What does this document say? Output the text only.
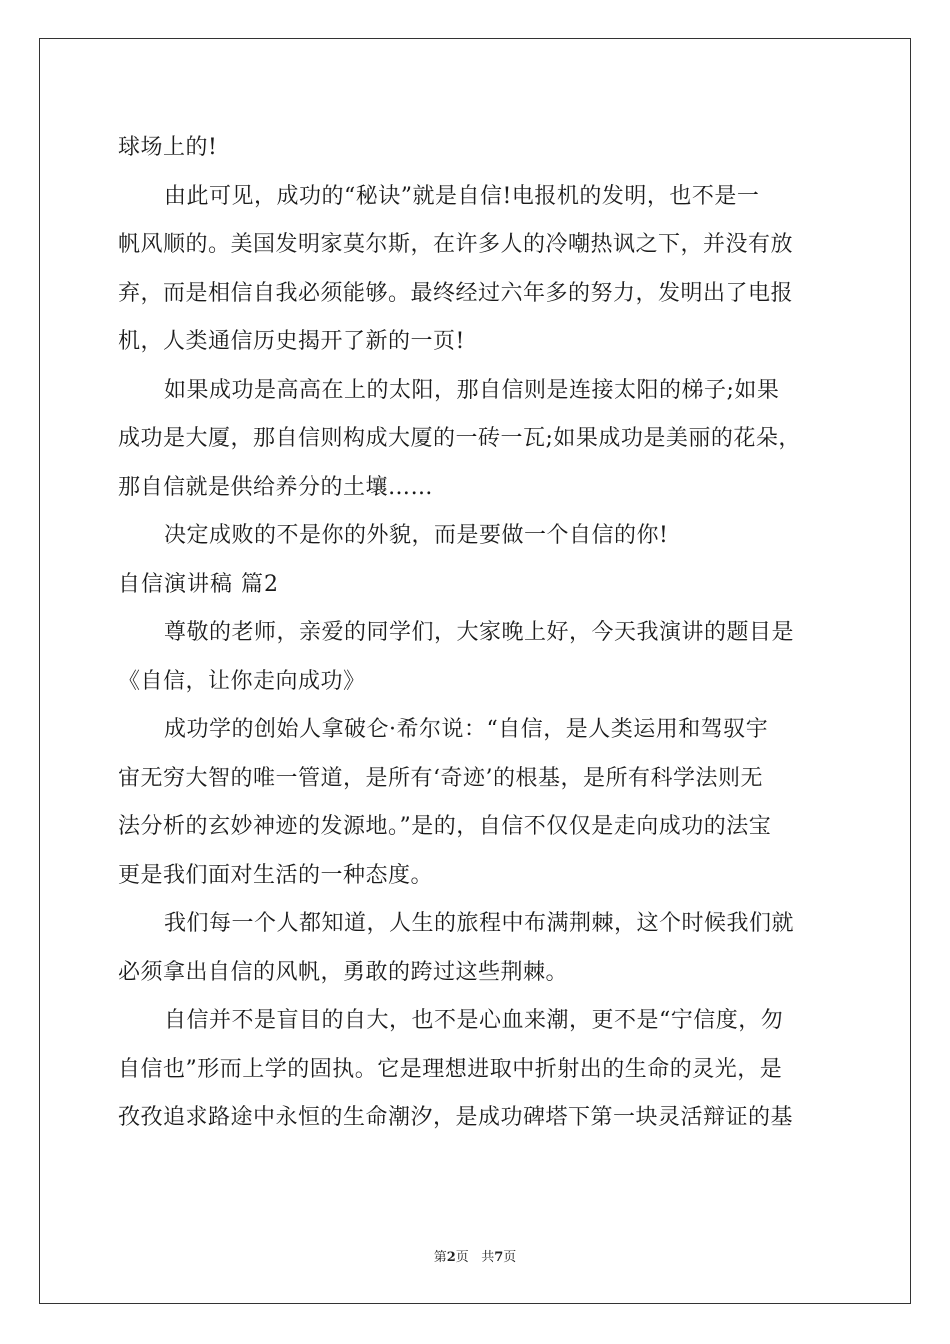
球场上的!
由此可见，成功的“秘诀”就是自信!电报机的发明，也不是一
帆风顺的。美国发明家莫尔斯，在许多人的冷嘲热讽之下，并没有放
弃，而是相信自我必须能够。最终经过六年多的努力，发明出了电报
机，人类通信历史揭开了新的一页!
如果成功是高高在上的太阳，那自信则是连接太阳的梯子;如果
成功是大厦，那自信则构成大厦的一砖一瓦;如果成功是美丽的花朵，
那自信就是供给养分的土壤……
决定成败的不是你的外貌，而是要做一个自信的你!
自信演讲稿 篇2
尊敬的老师，亲爱的同学们，大家晚上好，今天我演讲的题目是
《自信，让你走向成功》
成功学的创始人拿破仑·希尔说：“自信，是人类运用和驾驭宇
宙无穷大智的唯一管道，是所有‘奇迹’的根基，是所有科学法则无
法分析的玄妙神迹的发源地。”是的，自信不仅仅是走向成功的法宝
更是我们面对生活的一种态度。
我们每一个人都知道，人生的旅程中布满荆棘，这个时候我们就
必须拿出自信的风帆，勇敢的跨过这些荆棘。
自信并不是盲目的自大，也不是心血来潮，更不是“宁信度，勿
自信也”形而上学的固执。它是理想进取中折射出的生命的灵光，是
孜孜追求路途中永恒的生命潮汐，是成功碑塔下第一块灵活辩证的基
第2页 共7页
